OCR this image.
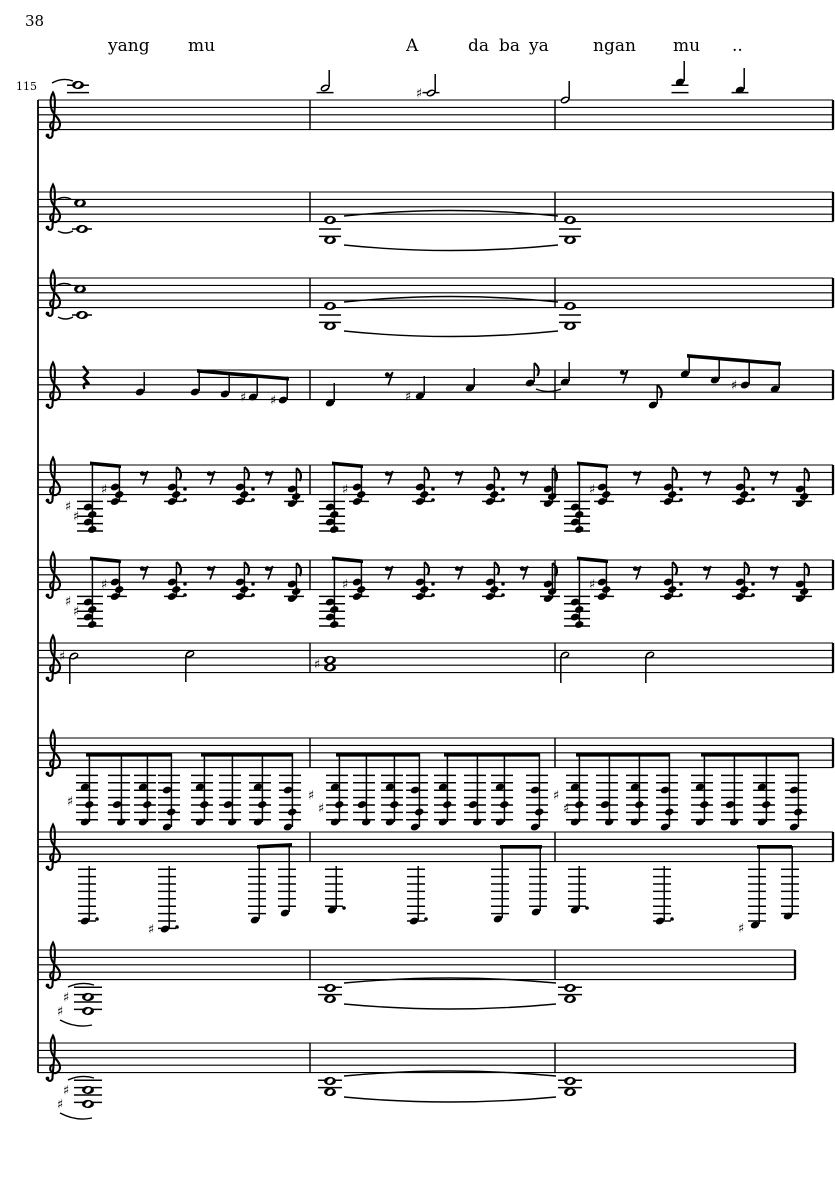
38
115	♯
♯ ♯	♯
♯
♯
♯
♯	♯	♯
♯
♯
♯	♯	♯
♯
♯
♯	♯
♯
♯
♯
♯	♯
♯
♯
♯
♯
yang mu	A	da ba ya	ngan mu ..
